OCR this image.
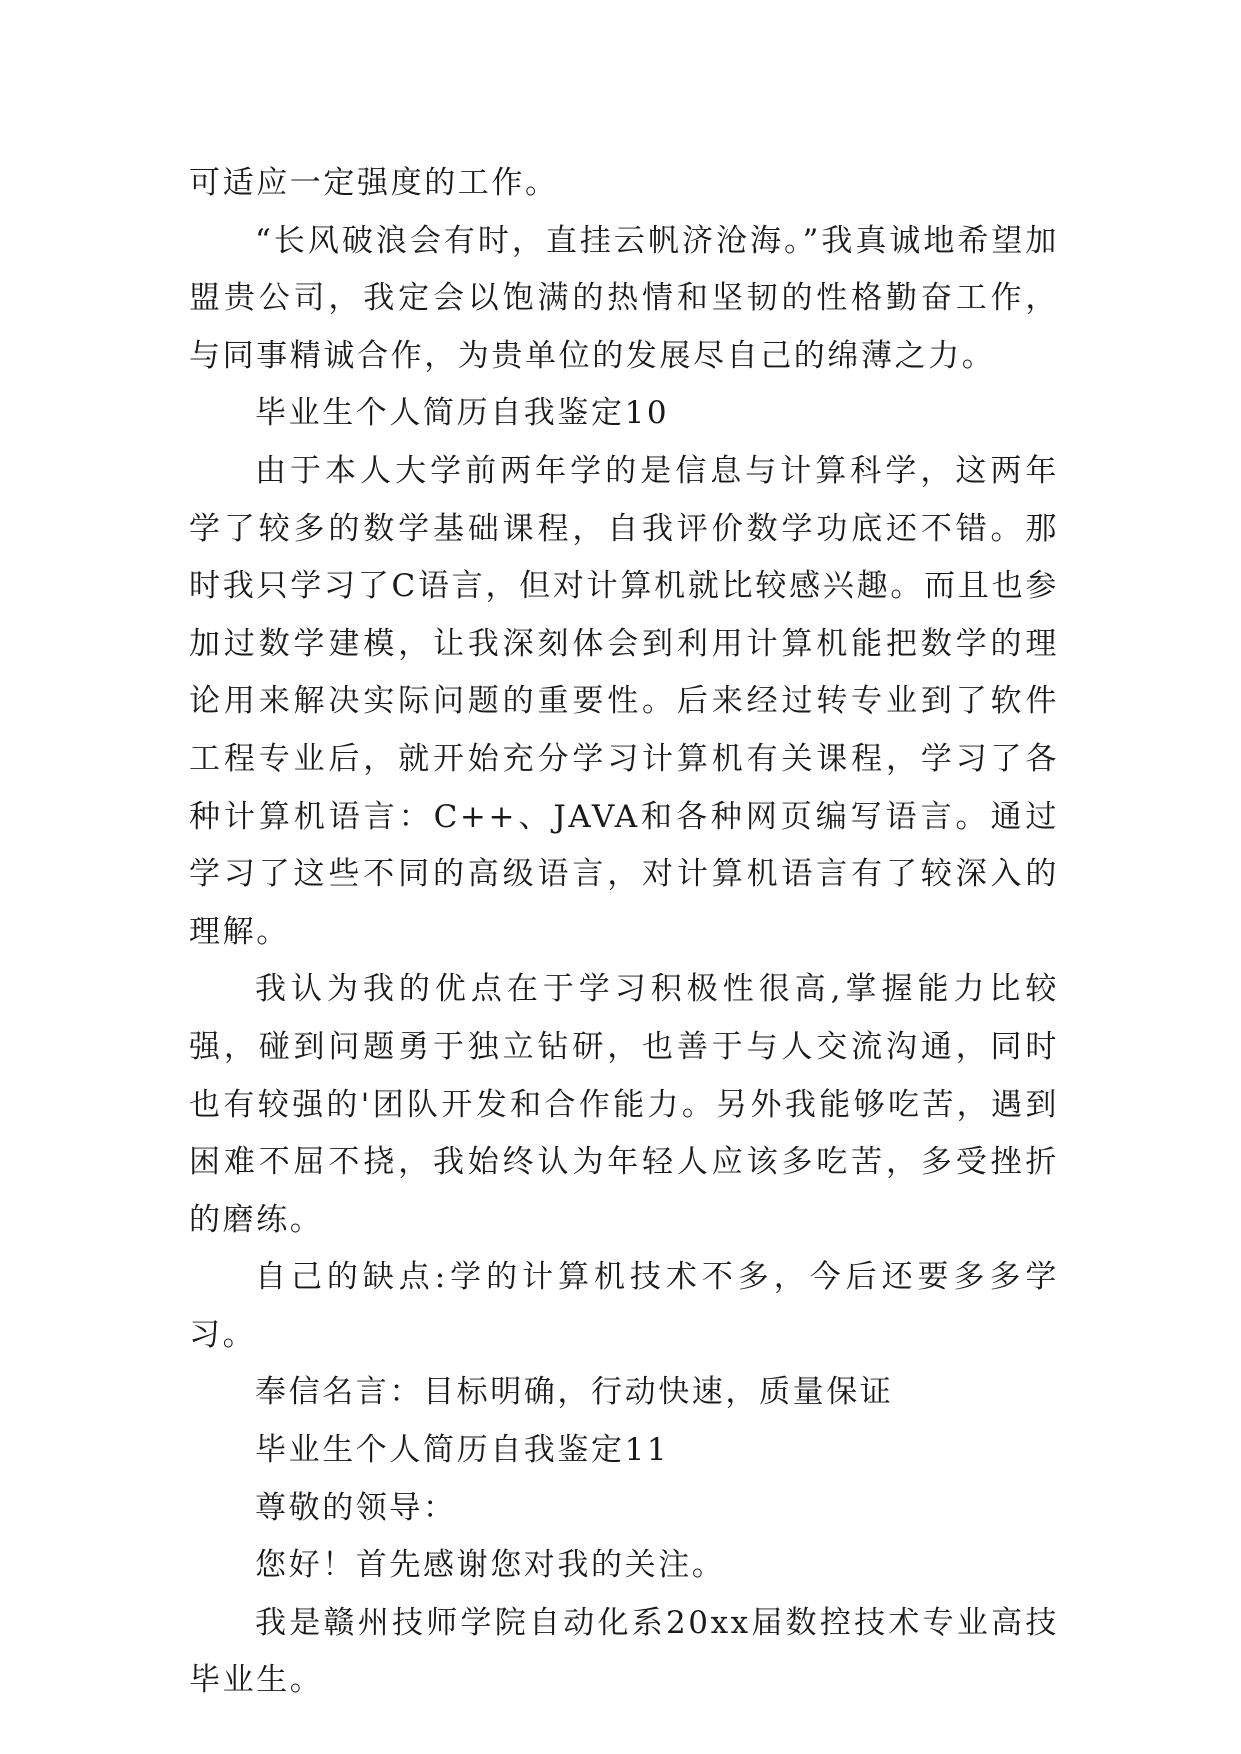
可适应一定强度的工作。

“长风破浪会有时，直挂云帆济沧海。”我真诚地希望加盟贵公司，我定会以饱满的热情和坚韧的性格勤奋工作，与同事精诚合作，为贵单位的发展尽自己的绵薄之力。

毕业生个人简历自我鉴定10

由于本人大学前两年学的是信息与计算科学，这两年学了较多的数学基础课程，自我评价数学功底还不错。那时我只学习了C语言，但对计算机就比较感兴趣。而且也参加过数学建模，让我深刻体会到利用计算机能把数学的理论用来解决实际问题的重要性。后来经过转专业到了软件工程专业后，就开始充分学习计算机有关课程，学习了各种计算机语言：C++、JAVA和各种网页编写语言。通过学习了这些不同的高级语言，对计算机语言有了较深入的理解。

我认为我的优点在于学习积极性很高,掌握能力比较强，碰到问题勇于独立钻研，也善于与人交流沟通，同时也有较强的'团队开发和合作能力。另外我能够吃苦，遇到困难不屈不挠，我始终认为年轻人应该多吃苦，多受挫折的磨练。

自己的缺点:学的计算机技术不多，今后还要多多学习。

奉信名言：目标明确，行动快速，质量保证

毕业生个人简历自我鉴定11

尊敬的领导：

您好！首先感谢您对我的关注。

我是赣州技师学院自动化系20xx届数控技术专业高技毕业生。
